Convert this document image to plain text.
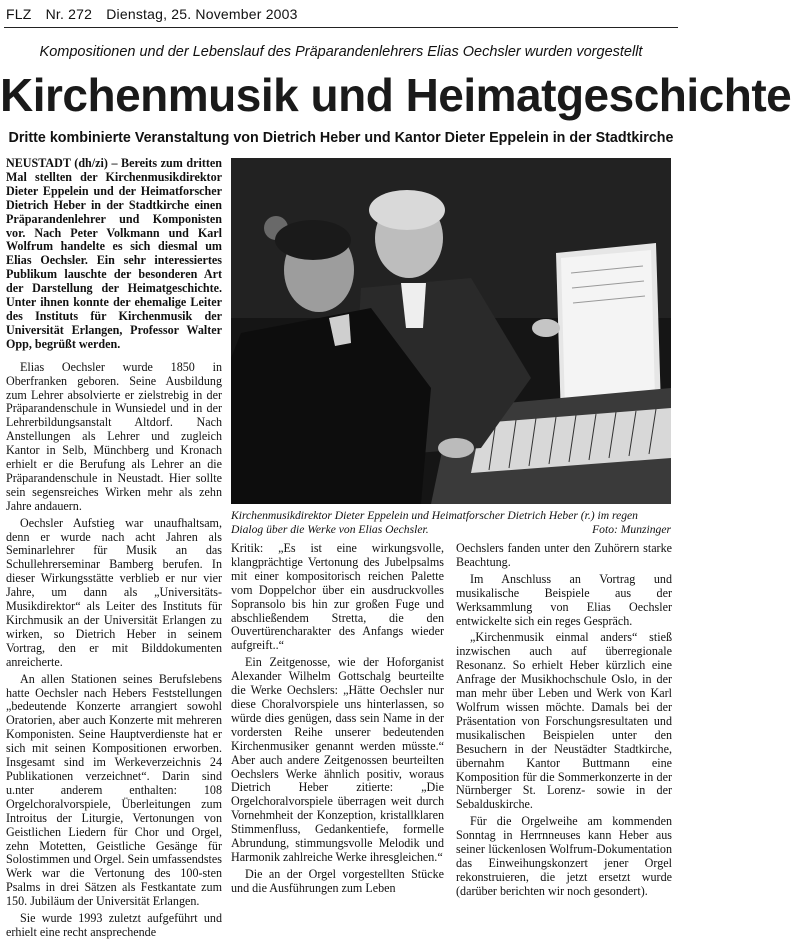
FLZ Nr. 272 Dienstag, 25. November 2003
Kompositionen und der Lebenslauf des Präparandenlehrers Elias Oechsler wurden vorgestellt
Kirchenmusik und Heimatgeschichte
Dritte kombinierte Veranstaltung von Dietrich Heber und Kantor Dieter Eppelein in der Stadtkirche

NEUSTADT (dh/zi) – Bereits zum dritten Mal stellten der Kirchenmusikdirektor Dieter Eppelein und der Heimatforscher Dietrich Heber in der Stadtkirche einen Präparandenlehrer und Komponisten vor. Nach Peter Volkmann und Karl Wolfrum handelte es sich diesmal um Elias Oechsler. Ein sehr interessiertes Publikum lauschte der besonderen Art der Darstellung der Heimatgeschichte. Unter ihnen konnte der ehemalige Leiter des Instituts für Kirchenmusik der Universität Erlangen, Professor Walter Opp, begrüßt werden.

Elias Oechsler wurde 1850 in Oberfranken geboren. Seine Ausbildung zum Lehrer absolvierte er zielstrebig in der Präparandenschule in Wunsiedel und in der Lehrerbildungsanstalt Altdorf. Nach Anstellungen als Lehrer und zugleich Kantor in Selb, Münchberg und Kronach erhielt er die Berufung als Lehrer an die Präparandenschule in Neustadt. Hier sollte sein segensreiches Wirken mehr als zehn Jahre andauern.

Oechsler Aufstieg war unaufhaltsam, denn er wurde nach acht Jahren als Seminarlehrer für Musik an das Schullehrerseminar Bamberg berufen. In dieser Wirkungsstätte verblieb er nur vier Jahre, um dann als „Universitäts-Musikdirektor“ als Leiter des Instituts für Kirchmusik an der Universität Erlangen zu wirken, so Dietrich Heber in seinem Vortrag, den er mit Bilddokumenten anreicherte.

An allen Stationen seines Berufslebens hatte Oechsler nach Hebers Feststellungen „bedeutende Konzerte arrangiert sowohl Oratorien, aber auch Konzerte mit mehreren Komponisten. Seine Hauptverdienste hat er sich mit seinen Kompositionen erworben. Insgesamt sind im Werkeverzeichnis 24 Publikationen verzeichnet“. Darin sind u.nter anderem enthalten: 108 Orgelchoralvorspiele, Überleitungen zum Introitus der Liturgie, Vertonungen von Geistlichen Liedern für Chor und Orgel, zehn Motetten, Geistliche Gesänge für Solostimmen und Orgel. Sein umfassendstes Werk war die Vertonung des 100-sten Psalms in drei Sätzen als Festkantate zum 150. Jubiläum der Universität Erlangen.

Sie wurde 1993 zuletzt aufgeführt und erhielt eine recht ansprechende

Kirchenmusikdirektor Dieter Eppelein und Heimatforscher Dietrich Heber (r.) im regen Dialog über die Werke von Elias Oechsler.	Foto: Munzinger

Kritik: „Es ist eine wirkungsvolle, klangprächtige Vertonung des Jubelpsalms mit einer kompositorisch reichen Palette vom Doppelchor über ein ausdruckvolles Sopransolo bis hin zur großen Fuge und abschließendem Stretta, die den Ouvertürencharakter des Anfangs wieder aufgreift..“

Ein Zeitgenosse, wie der Hoforganist Alexander Wilhelm Gottschalg beurteilte die Werke Oechslers: „Hätte Oechsler nur diese Choralvorspiele uns hinterlassen, so würde dies genügen, dass sein Name in der vordersten Reihe unserer bedeutenden Kirchenmusiker genannt werden müsste.“ Aber auch andere Zeitgenossen beurteilten Oechslers Werke ähnlich positiv, woraus Dietrich Heber zitierte: „Die Orgelchoralvorspiele überragen weit durch Vornehmheit der Konzeption, kristallklaren Stimmenfluss, Gedankentiefe, formelle Abrundung, stimmungsvolle Melodik und Harmonik zahlreiche Werke ihresgleichen.“

Die an der Orgel vorgestellten Stücke und die Ausführungen zum Leben

Oechslers fanden unter den Zuhörern starke Beachtung.

Im Anschluss an Vortrag und musikalische Beispiele aus der Werksammlung von Elias Oechsler entwickelte sich ein reges Gespräch.

„Kirchenmusik einmal anders“ stieß inzwischen auch auf überregionale Resonanz. So erhielt Heber kürzlich eine Anfrage der Musikhochschule Oslo, in der man mehr über Leben und Werk von Karl Wolfrum wissen möchte. Damals bei der Präsentation von Forschungsresultaten und musikalischen Beispielen unter den Besuchern in der Neustädter Stadtkirche, übernahm Kantor Buttmann eine Komposition für die Sommerkonzerte in der Nürnberger St. Lorenz- sowie in der Sebalduskirche.

Für die Orgelweihe am kommenden Sonntag in Herrnneuses kann Heber aus seiner lückenlosen Wolfrum-Dokumentation das Einweihungskonzert jener Orgel rekonstruieren, die jetzt ersetzt wurde (darüber berichten wir noch gesondert).
